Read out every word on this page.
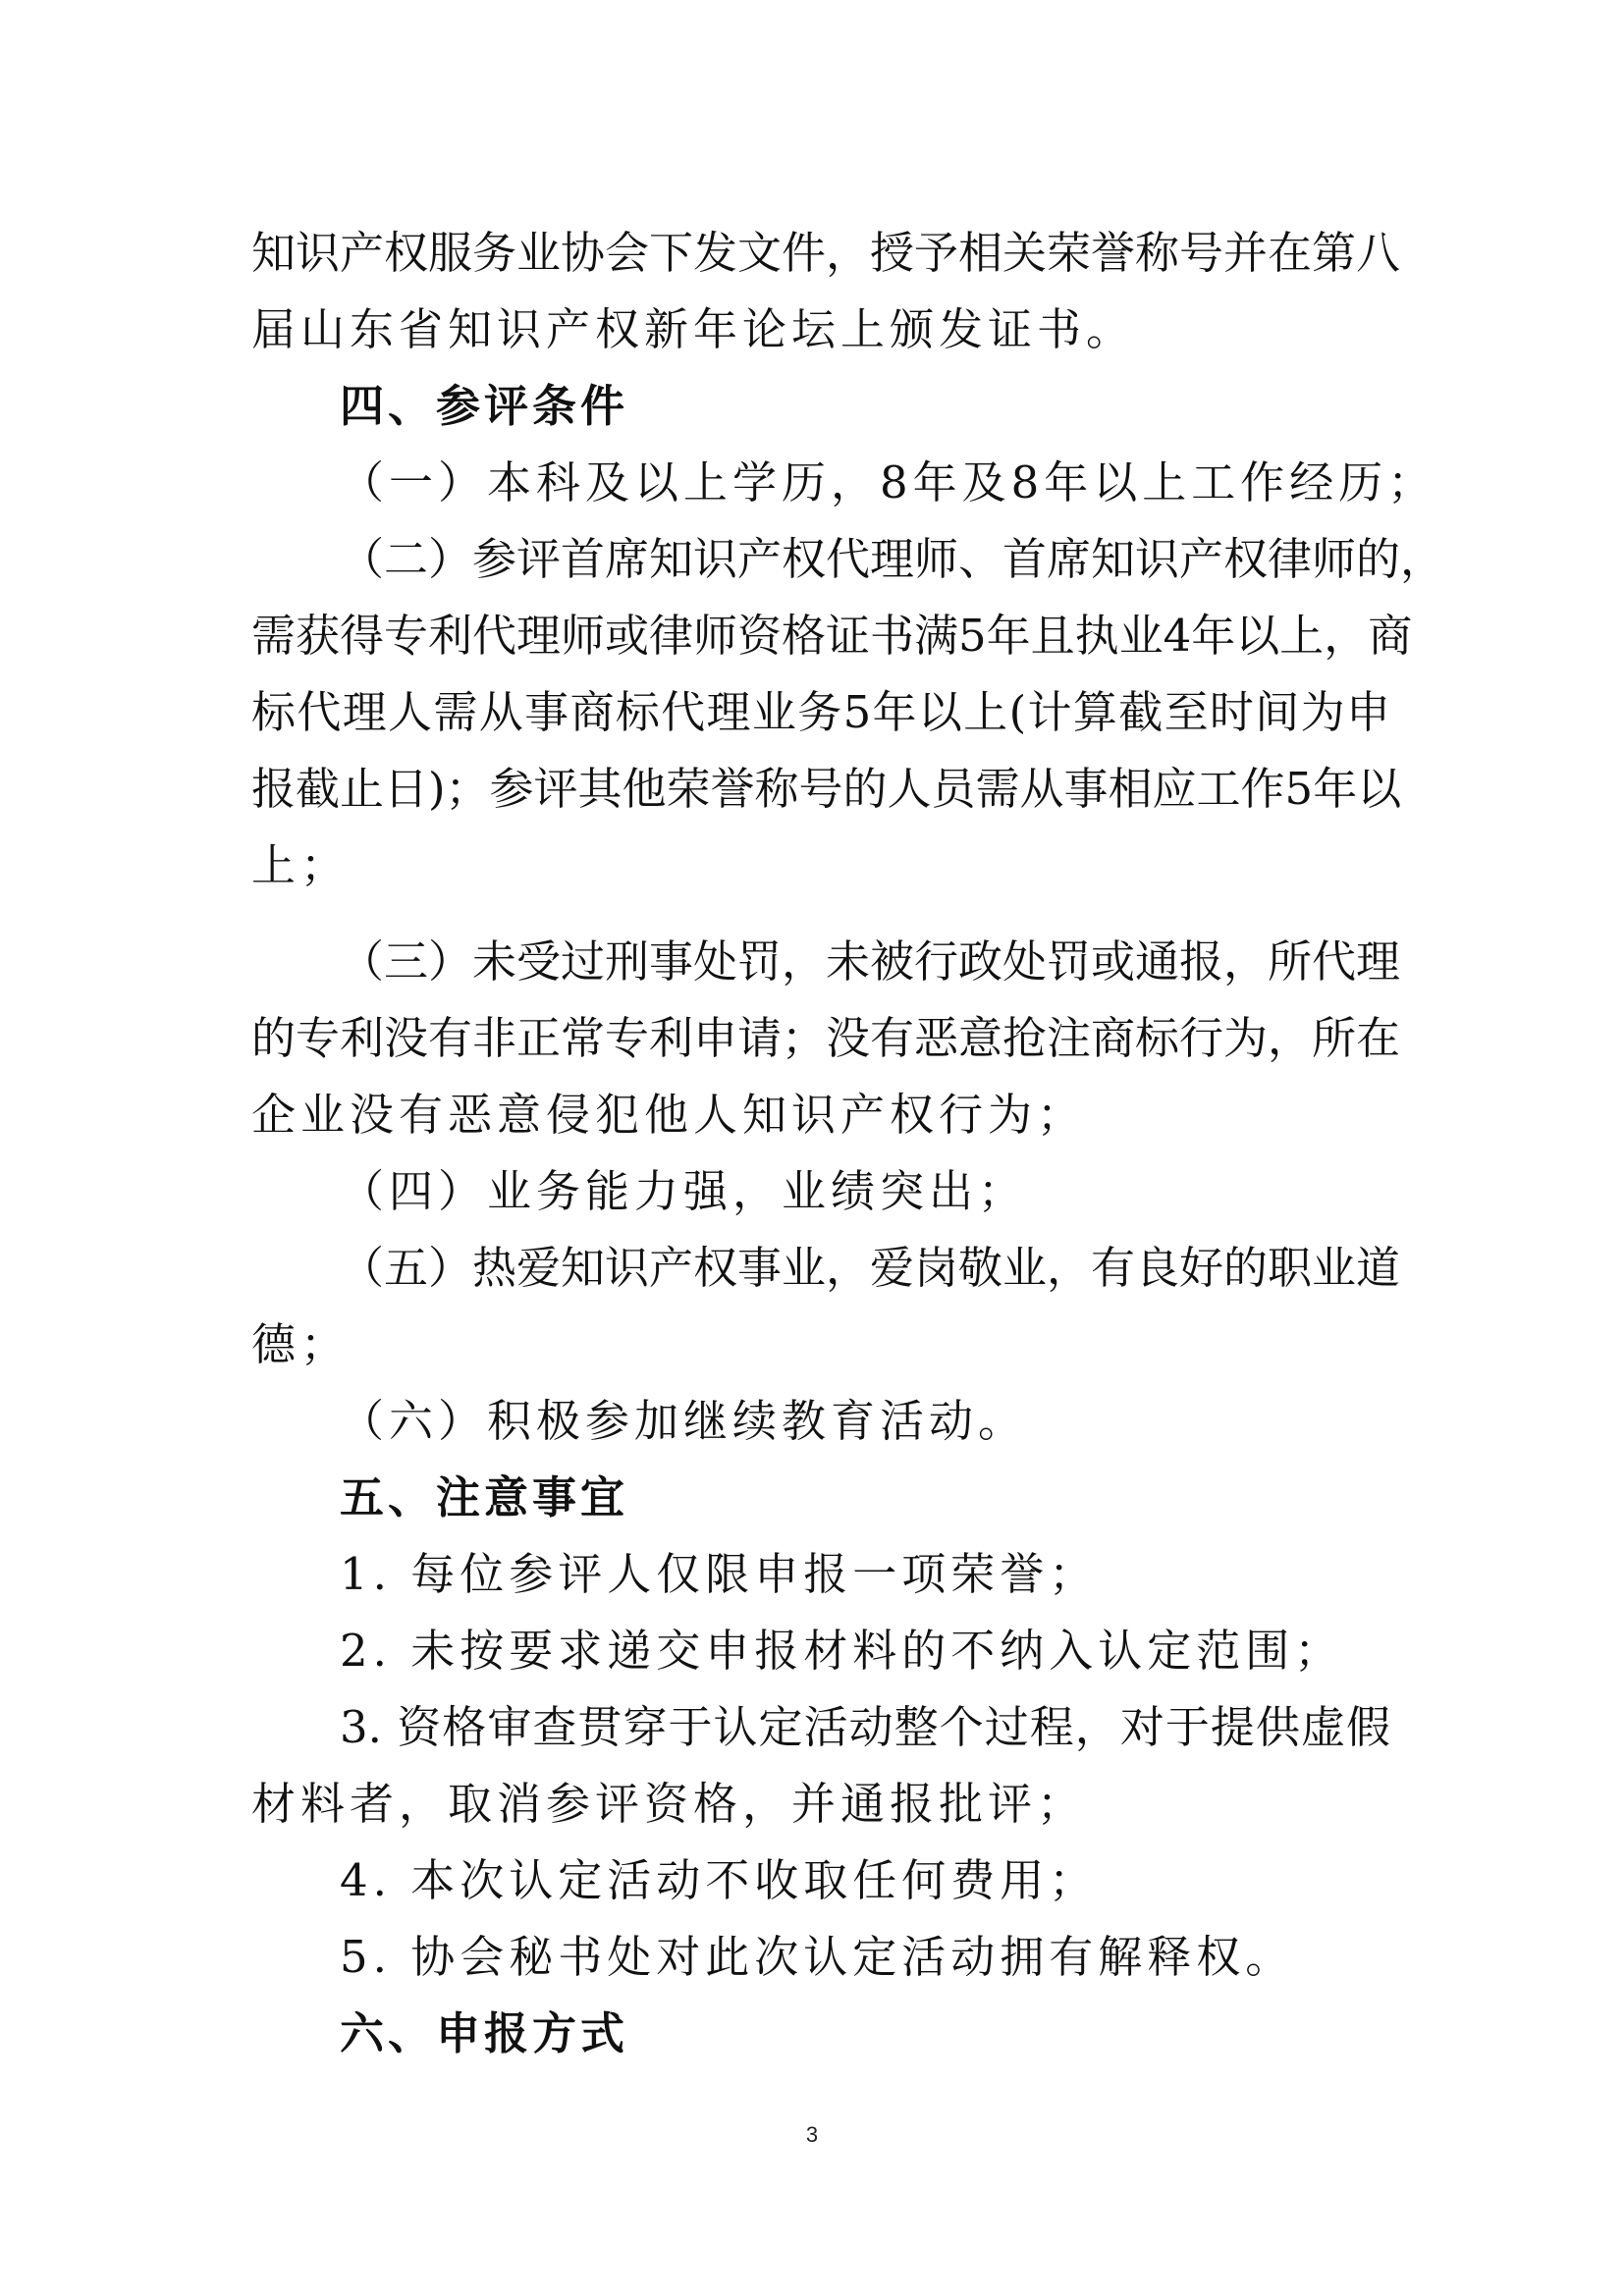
知识产权服务业协会下发文件，授予相关荣誉称号并在第八
届山东省知识产权新年论坛上颁发证书。
四、参评条件
（一）本科及以上学历，8年及8年以上工作经历；
（二）参评首席知识产权代理师、首席知识产权律师的，
需获得专利代理师或律师资格证书满5年且执业4年以上，商
标代理人需从事商标代理业务5年以上(计算截至时间为申
报截止日)；参评其他荣誉称号的人员需从事相应工作5年以
上；
（三）未受过刑事处罚，未被行政处罚或通报，所代理
的专利没有非正常专利申请；没有恶意抢注商标行为，所在
企业没有恶意侵犯他人知识产权行为；
（四）业务能力强，业绩突出；
（五）热爱知识产权事业，爱岗敬业，有良好的职业道
德；
（六）积极参加继续教育活动。
五、注意事宜
1. 每位参评人仅限申报一项荣誉；
2. 未按要求递交申报材料的不纳入认定范围；
3. 资格审查贯穿于认定活动整个过程，对于提供虚假
材料者，取消参评资格，并通报批评；
4. 本次认定活动不收取任何费用；
5. 协会秘书处对此次认定活动拥有解释权。
六、申报方式
3
